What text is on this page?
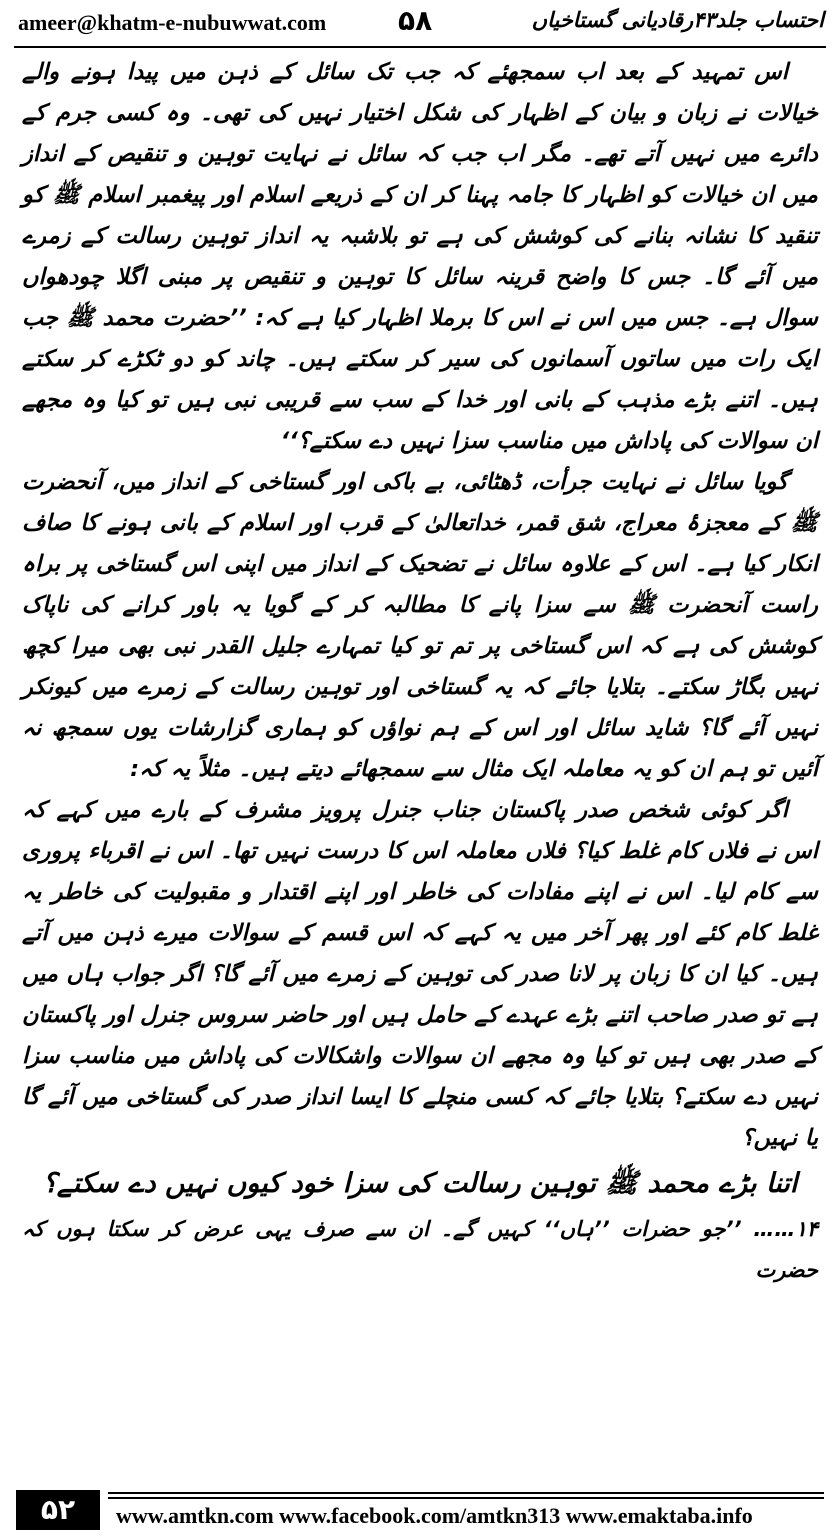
ameer@khatm-e-nubuwwat.com	۵۸	احتساب جلد۴۳رقادیانی گستاخیاں

اس تمہید کے بعد اب سمجھئے کہ جب تک سائل کے ذہن میں پیدا ہونے والے خیالات نے زبان و بیان کے اظہار کی شکل اختیار نہیں کی تھی۔ وہ کسی جرم کے دائرے میں نہیں آتے تھے۔ مگر اب جب کہ سائل نے نہایت توہین و تنقیص کے انداز میں ان خیالات کو اظہار کا جامہ پہنا کر ان کے ذریعے اسلام اور پیغمبر اسلام ﷺ کو تنقید کا نشانہ بنانے کی کوشش کی ہے تو بلاشبہ یہ انداز توہین رسالت کے زمرے میں آئے گا۔ جس کا واضح قرینہ سائل کا توہین و تنقیص پر مبنی اگلا چودھواں سوال ہے۔ جس میں اس نے اس کا برملا اظہار کیا ہے کہ: ’’حضرت محمد ﷺ جب ایک رات میں ساتوں آسمانوں کی سیر کر سکتے ہیں۔ چاند کو دو ٹکڑے کر سکتے ہیں۔ اتنے بڑے مذہب کے بانی اور خدا کے سب سے قریبی نبی ہیں تو کیا وہ مجھے ان سوالات کی پاداش میں مناسب سزا نہیں دے سکتے؟‘‘

گویا سائل نے نہایت جرأت، ڈھٹائی، بے باکی اور گستاخی کے انداز میں، آنحضرت ﷺ کے معجزۂ معراج، شق قمر، خداتعالیٰ کے قرب اور اسلام کے بانی ہونے کا صاف انکار کیا ہے۔ اس کے علاوہ سائل نے تضحیک کے انداز میں اپنی اس گستاخی پر براہ راست آنحضرت ﷺ سے سزا پانے کا مطالبہ کر کے گویا یہ باور کرانے کی ناپاک کوشش کی ہے کہ اس گستاخی پر تم تو کیا تمہارے جلیل القدر نبی بھی میرا کچھ نہیں بگاڑ سکتے۔ بتلایا جائے کہ یہ گستاخی اور توہین رسالت کے زمرے میں کیونکر نہیں آئے گا؟ شاید سائل اور اس کے ہم نواؤں کو ہماری گزارشات یوں سمجھ نہ آئیں تو ہم ان کو یہ معاملہ ایک مثال سے سمجھائے دیتے ہیں۔ مثلاً یہ کہ:

اگر کوئی شخص صدر پاکستان جناب جنرل پرویز مشرف کے بارے میں کہے کہ اس نے فلاں کام غلط کیا؟ فلاں معاملہ اس کا درست نہیں تھا۔ اس نے اقرباء پروری سے کام لیا۔ اس نے اپنے مفادات کی خاطر اور اپنے اقتدار و مقبولیت کی خاطر یہ غلط کام کئے اور پھر آخر میں یہ کہے کہ اس قسم کے سوالات میرے ذہن میں آتے ہیں۔ کیا ان کا زبان پر لانا صدر کی توہین کے زمرے میں آئے گا؟ اگر جواب ہاں میں ہے تو صدر صاحب اتنے بڑے عہدے کے حامل ہیں اور حاضر سروس جنرل اور پاکستان کے صدر بھی ہیں تو کیا وہ مجھے ان سوالات واشکالات کی پاداش میں مناسب سزا نہیں دے سکتے؟ بتلایا جائے کہ کسی منچلے کا ایسا انداز صدر کی گستاخی میں آئے گا یا نہیں؟

اتنا بڑے محمد ﷺ توہین رسالت کی سزا خود کیوں نہیں دے سکتے؟

۱۴…… ’’جو حضرات ’’ہاں‘‘ کہیں گے۔ ان سے صرف یہی عرض کر سکتا ہوں کہ حضرت

۵۲	www.amtkn.com www.facebook.com/amtkn313 www.emaktaba.info
